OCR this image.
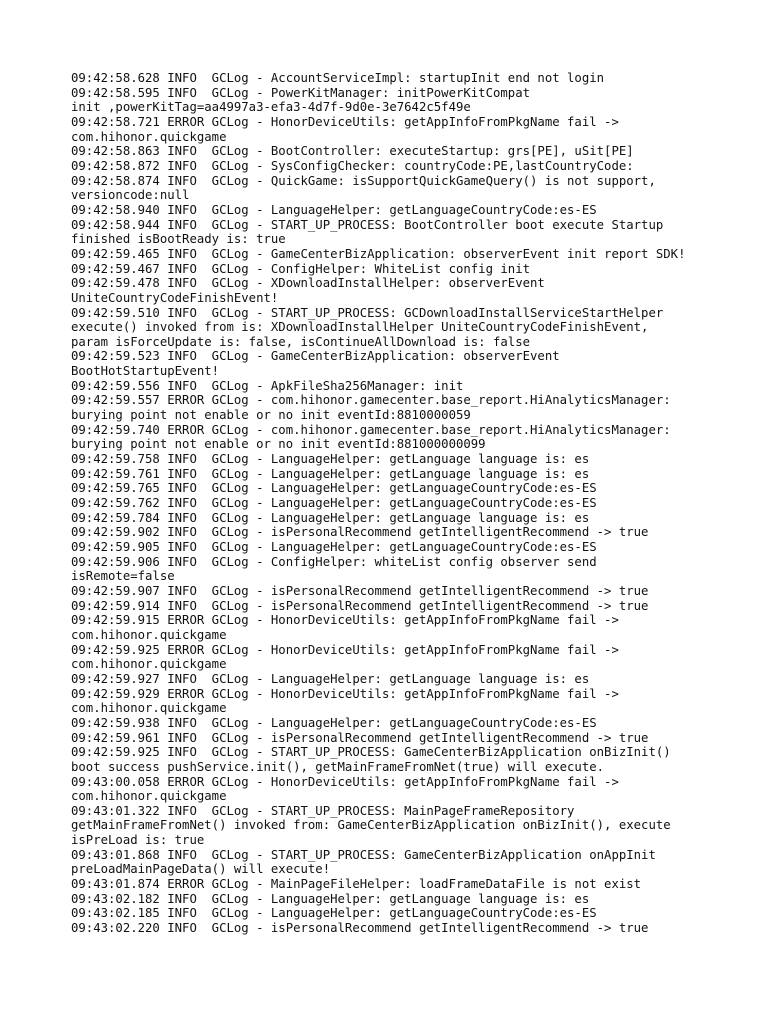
09:42:58.628 INFO  GCLog - AccountServiceImpl: startupInit end not login
09:42:58.595 INFO  GCLog - PowerKitManager: initPowerKitCompat
init ,powerKitTag=aa4997a3-efa3-4d7f-9d0e-3e7642c5f49e
09:42:58.721 ERROR GCLog - HonorDeviceUtils: getAppInfoFromPkgName fail ->
com.hihonor.quickgame
09:42:58.863 INFO  GCLog - BootController: executeStartup: grs[PE], uSit[PE]
09:42:58.872 INFO  GCLog - SysConfigChecker: countryCode:PE,lastCountryCode:
09:42:58.874 INFO  GCLog - QuickGame: isSupportQuickGameQuery() is not support,
versioncode:null
09:42:58.940 INFO  GCLog - LanguageHelper: getLanguageCountryCode:es-ES
09:42:58.944 INFO  GCLog - START_UP_PROCESS: BootController boot execute Startup
finished isBootReady is: true
09:42:59.465 INFO  GCLog - GameCenterBizApplication: observerEvent init report SDK!
09:42:59.467 INFO  GCLog - ConfigHelper: WhiteList config init
09:42:59.478 INFO  GCLog - XDownloadInstallHelper: observerEvent
UniteCountryCodeFinishEvent!
09:42:59.510 INFO  GCLog - START_UP_PROCESS: GCDownloadInstallServiceStartHelper
execute() invoked from is: XDownloadInstallHelper UniteCountryCodeFinishEvent,
param isForceUpdate is: false, isContinueAllDownload is: false
09:42:59.523 INFO  GCLog - GameCenterBizApplication: observerEvent
BootHotStartupEvent!
09:42:59.556 INFO  GCLog - ApkFileSha256Manager: init
09:42:59.557 ERROR GCLog - com.hihonor.gamecenter.base_report.HiAnalyticsManager:
burying point not enable or no init eventId:8810000059
09:42:59.740 ERROR GCLog - com.hihonor.gamecenter.base_report.HiAnalyticsManager:
burying point not enable or no init eventId:881000000099
09:42:59.758 INFO  GCLog - LanguageHelper: getLanguage language is: es
09:42:59.761 INFO  GCLog - LanguageHelper: getLanguage language is: es
09:42:59.765 INFO  GCLog - LanguageHelper: getLanguageCountryCode:es-ES
09:42:59.762 INFO  GCLog - LanguageHelper: getLanguageCountryCode:es-ES
09:42:59.784 INFO  GCLog - LanguageHelper: getLanguage language is: es
09:42:59.902 INFO  GCLog - isPersonalRecommend getIntelligentRecommend -> true
09:42:59.905 INFO  GCLog - LanguageHelper: getLanguageCountryCode:es-ES
09:42:59.906 INFO  GCLog - ConfigHelper: whiteList config observer send
isRemote=false
09:42:59.907 INFO  GCLog - isPersonalRecommend getIntelligentRecommend -> true
09:42:59.914 INFO  GCLog - isPersonalRecommend getIntelligentRecommend -> true
09:42:59.915 ERROR GCLog - HonorDeviceUtils: getAppInfoFromPkgName fail ->
com.hihonor.quickgame
09:42:59.925 ERROR GCLog - HonorDeviceUtils: getAppInfoFromPkgName fail ->
com.hihonor.quickgame
09:42:59.927 INFO  GCLog - LanguageHelper: getLanguage language is: es
09:42:59.929 ERROR GCLog - HonorDeviceUtils: getAppInfoFromPkgName fail ->
com.hihonor.quickgame
09:42:59.938 INFO  GCLog - LanguageHelper: getLanguageCountryCode:es-ES
09:42:59.961 INFO  GCLog - isPersonalRecommend getIntelligentRecommend -> true
09:42:59.925 INFO  GCLog - START_UP_PROCESS: GameCenterBizApplication onBizInit()
boot success pushService.init(), getMainFrameFromNet(true) will execute.
09:43:00.058 ERROR GCLog - HonorDeviceUtils: getAppInfoFromPkgName fail ->
com.hihonor.quickgame
09:43:01.322 INFO  GCLog - START_UP_PROCESS: MainPageFrameRepository
getMainFrameFromNet() invoked from: GameCenterBizApplication onBizInit(), execute
isPreLoad is: true
09:43:01.868 INFO  GCLog - START_UP_PROCESS: GameCenterBizApplication onAppInit
preLoadMainPageData() will execute!
09:43:01.874 ERROR GCLog - MainPageFileHelper: loadFrameDataFile is not exist
09:43:02.182 INFO  GCLog - LanguageHelper: getLanguage language is: es
09:43:02.185 INFO  GCLog - LanguageHelper: getLanguageCountryCode:es-ES
09:43:02.220 INFO  GCLog - isPersonalRecommend getIntelligentRecommend -> true
